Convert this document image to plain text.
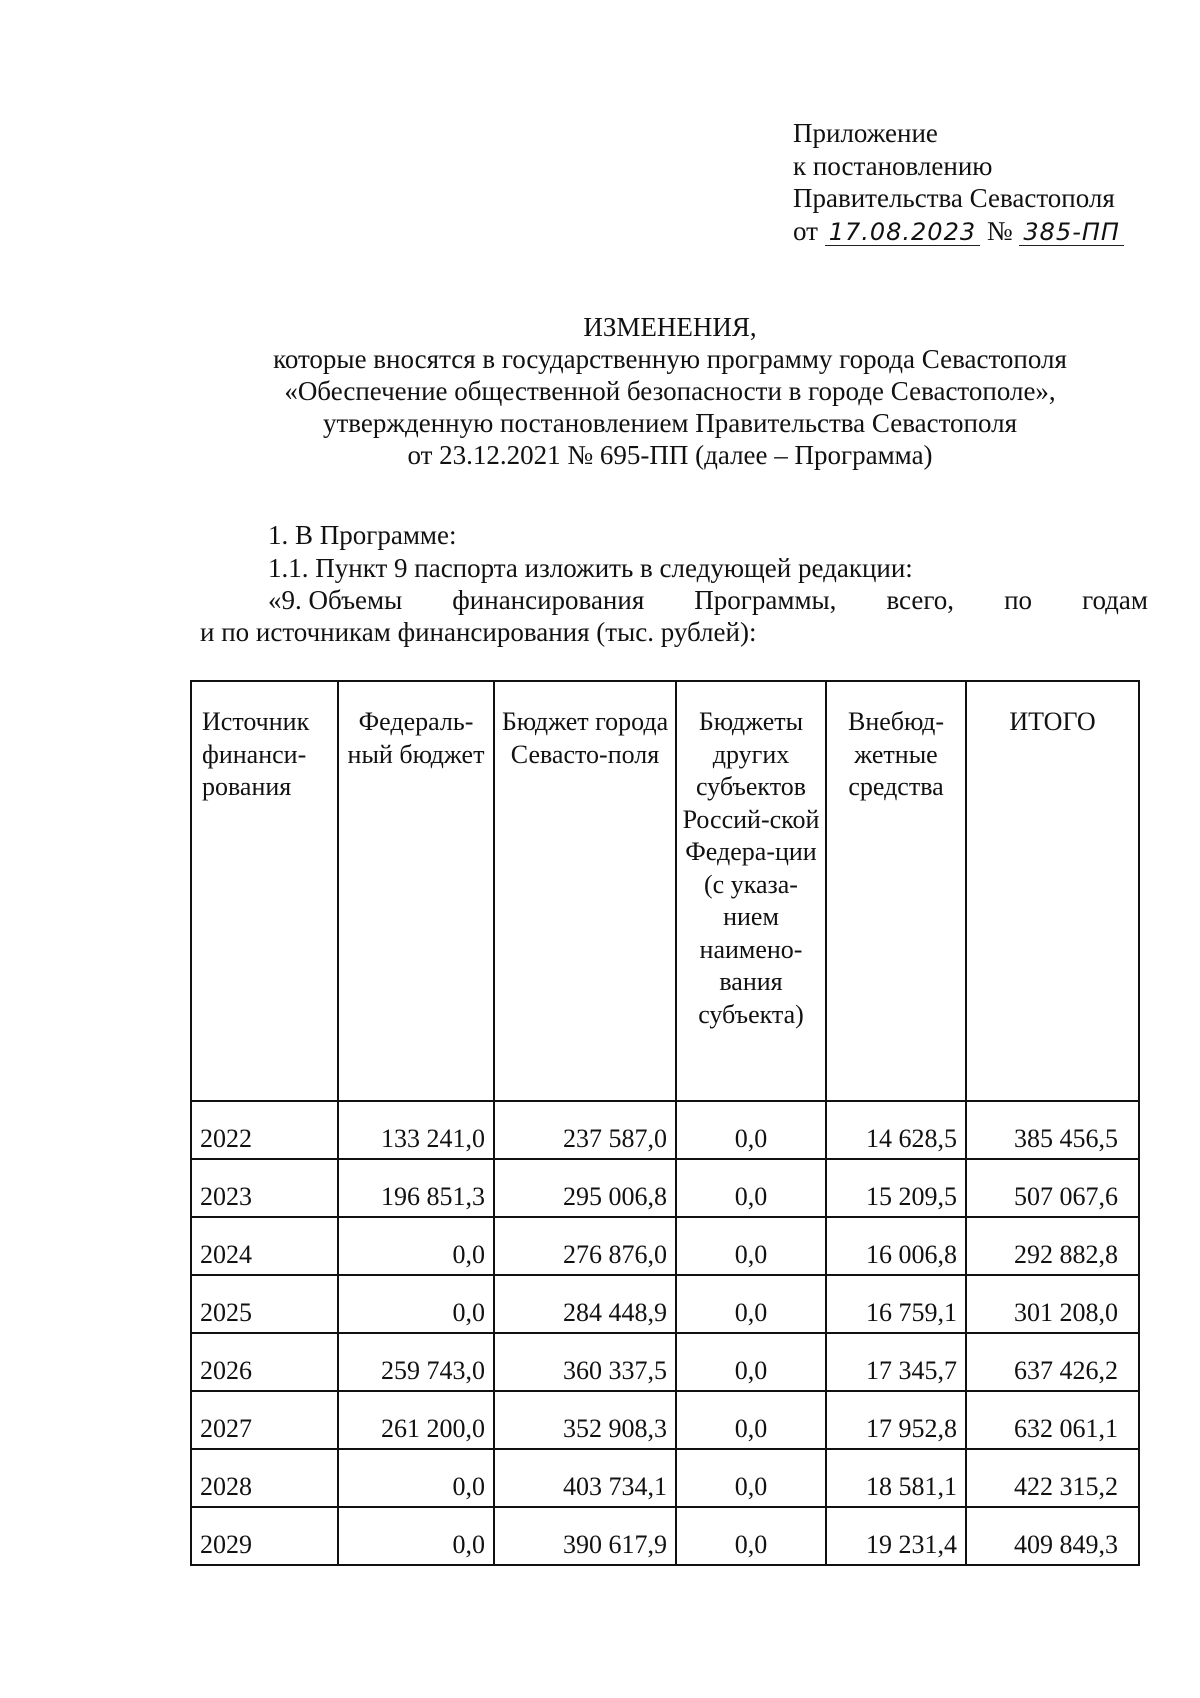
Приложение
к постановлению
Правительства Севастополя
от 17.08.2023 № 385-ПП
ИЗМЕНЕНИЯ,
которые вносятся в государственную программу города Севастополя
«Обеспечение общественной безопасности в городе Севастополе»,
утвержденную постановлением Правительства Севастополя
от 23.12.2021 № 695-ПП (далее – Программа)
1. В Программе:
1.1. Пункт 9 паспорта изложить в следующей редакции:
«9. Объемы финансирования Программы, всего, по годам
и по источникам финансирования (тыс. рублей):
Источник финанси-рования	Федераль-ный бюджет	Бюджет города Севасто-поля	Бюджеты других субъектов Россий-ской Федера-ции (с указа-нием наимено-вания субъекта)	Внебюд-жетные средства	ИТОГО
2022	133 241,0	237 587,0	0,0	14 628,5	385 456,5
2023	196 851,3	295 006,8	0,0	15 209,5	507 067,6
2024	0,0	276 876,0	0,0	16 006,8	292 882,8
2025	0,0	284 448,9	0,0	16 759,1	301 208,0
2026	259 743,0	360 337,5	0,0	17 345,7	637 426,2
2027	261 200,0	352 908,3	0,0	17 952,8	632 061,1
2028	0,0	403 734,1	0,0	18 581,1	422 315,2
2029	0,0	390 617,9	0,0	19 231,4	409 849,3
